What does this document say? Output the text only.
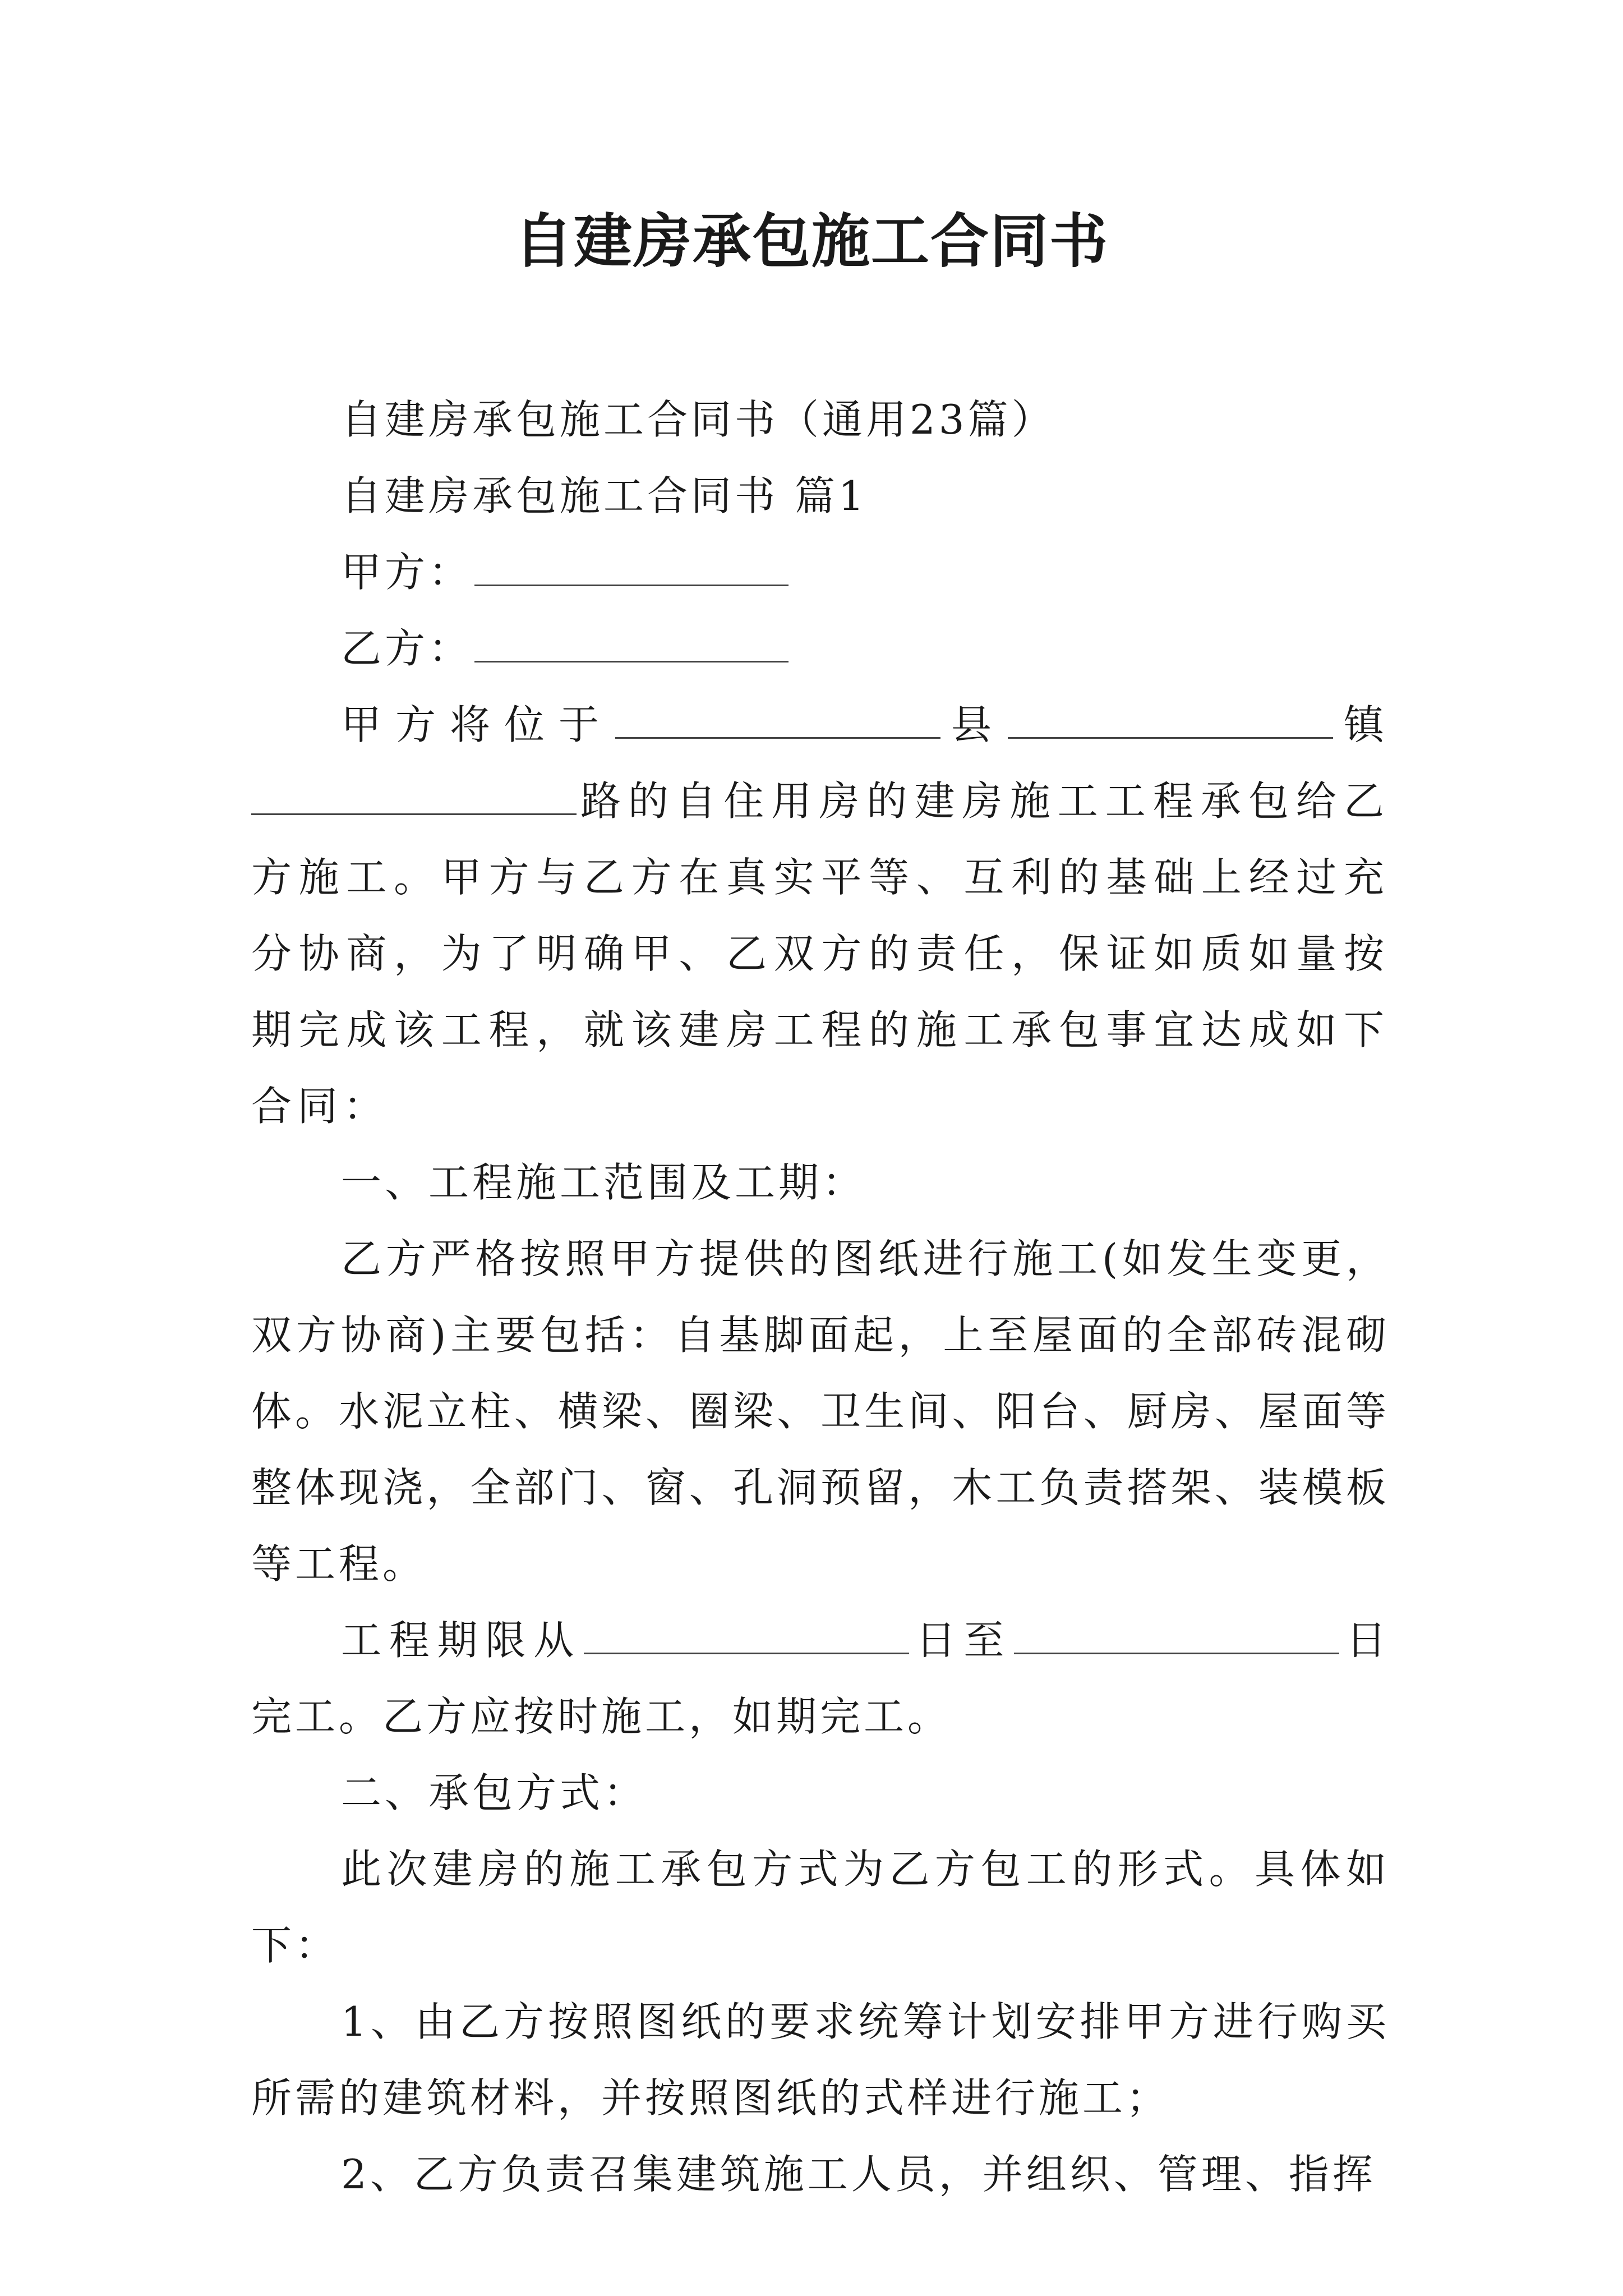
自建房承包施工合同书

自建房承包施工合同书（通用23篇）

自建房承包施工合同书 篇1

甲方：

乙方：

甲方将位于	县	镇路的自住用房的建房施工工程承包给乙方施工。甲方与乙方在真实平等、互利的基础上经过充分协商，为了明确甲、乙双方的责任，保证如质如量按期完成该工程，就该建房工程的施工承包事宜达成如下合同：

一、工程施工范围及工期：

乙方严格按照甲方提供的图纸进行施工(如发生变更，双方协商)主要包括：自基脚面起，上至屋面的全部砖混砌体。水泥立柱、横梁、圈梁、卫生间、阳台、厨房、屋面等整体现浇，全部门、窗、孔洞预留，木工负责搭架、装模板等工程。

工程期限从	日至	日完工。乙方应按时施工，如期完工。

二、承包方式：

此次建房的施工承包方式为乙方包工的形式。具体如下：

1、由乙方按照图纸的要求统筹计划安排甲方进行购买所需的建筑材料，并按照图纸的式样进行施工；

2、乙方负责召集建筑施工人员，并组织、管理、指挥
